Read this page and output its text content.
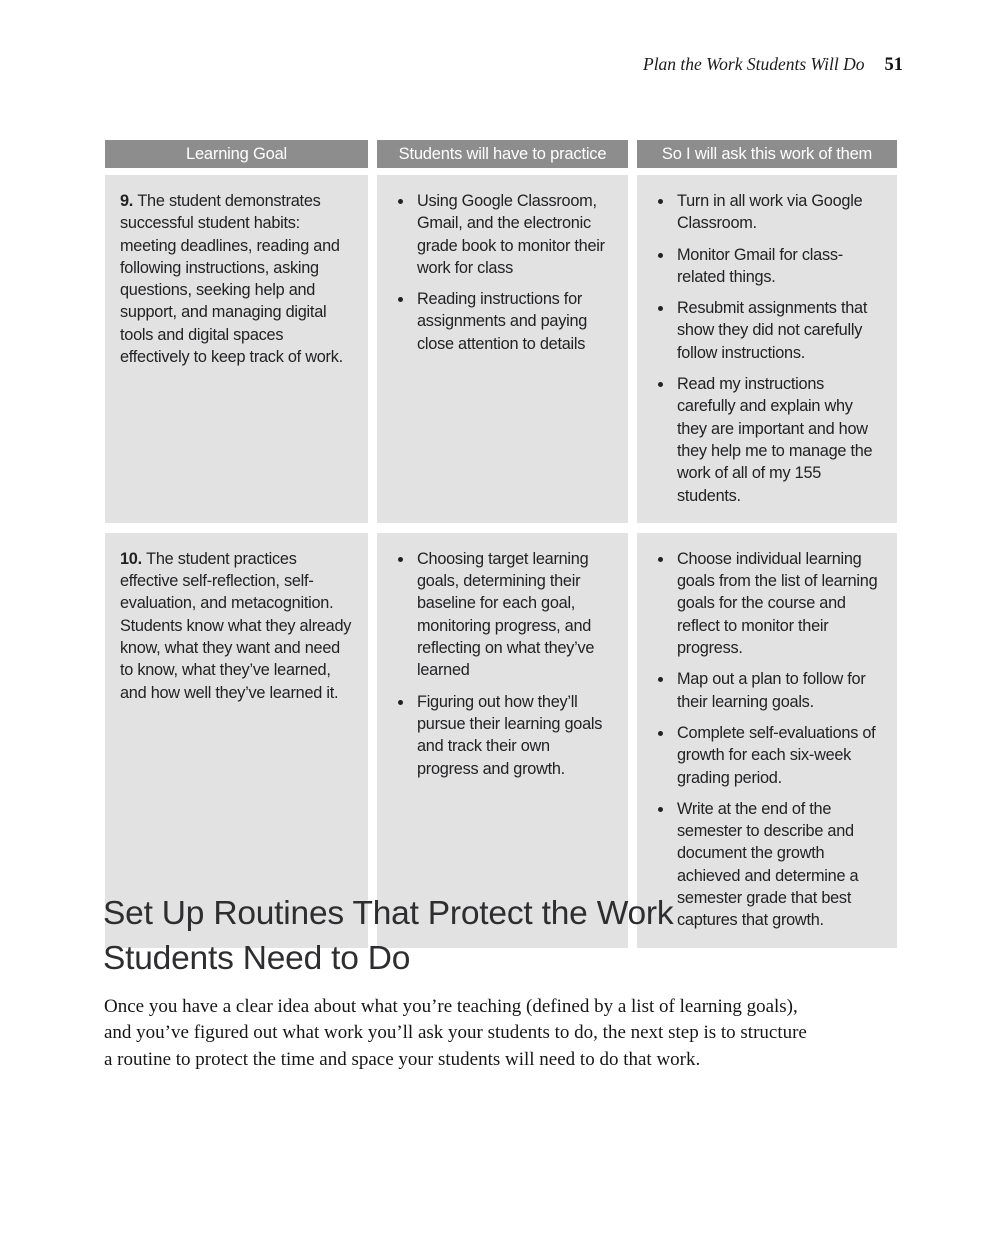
Plan the Work Students Will Do 51
Learning Goal	Students will have to practice	So I will ask this work of them
9. The student demonstrates successful student habits: meeting deadlines, reading and following instructions, asking questions, seeking help and support, and managing digital tools and digital spaces effectively to keep track of work.
• Using Google Classroom, Gmail, and the electronic grade book to monitor their work for class
• Reading instructions for assignments and paying close attention to details
• Turn in all work via Google Classroom.
• Monitor Gmail for class-related things.
• Resubmit assignments that show they did not carefully follow instructions.
• Read my instructions carefully and explain why they are important and how they help me to manage the work of all of my 155 students.
10. The student practices effective self-reflection, self-evaluation, and metacognition. Students know what they already know, what they want and need to know, what they’ve learned, and how well they’ve learned it.
• Choosing target learning goals, determining their baseline for each goal, monitoring progress, and reflecting on what they’ve learned
• Figuring out how they’ll pursue their learning goals and track their own progress and growth.
• Choose individual learning goals from the list of learning goals for the course and reflect to monitor their progress.
• Map out a plan to follow for their learning goals.
• Complete self-evaluations of growth for each six-week grading period.
• Write at the end of the semester to describe and document the growth achieved and determine a semester grade that best captures that growth.
Set Up Routines That Protect the Work Students Need to Do

Once you have a clear idea about what you’re teaching (defined by a list of learning goals), and you’ve figured out what work you’ll ask your students to do, the next step is to structure a routine to protect the time and space your students will need to do that work.
